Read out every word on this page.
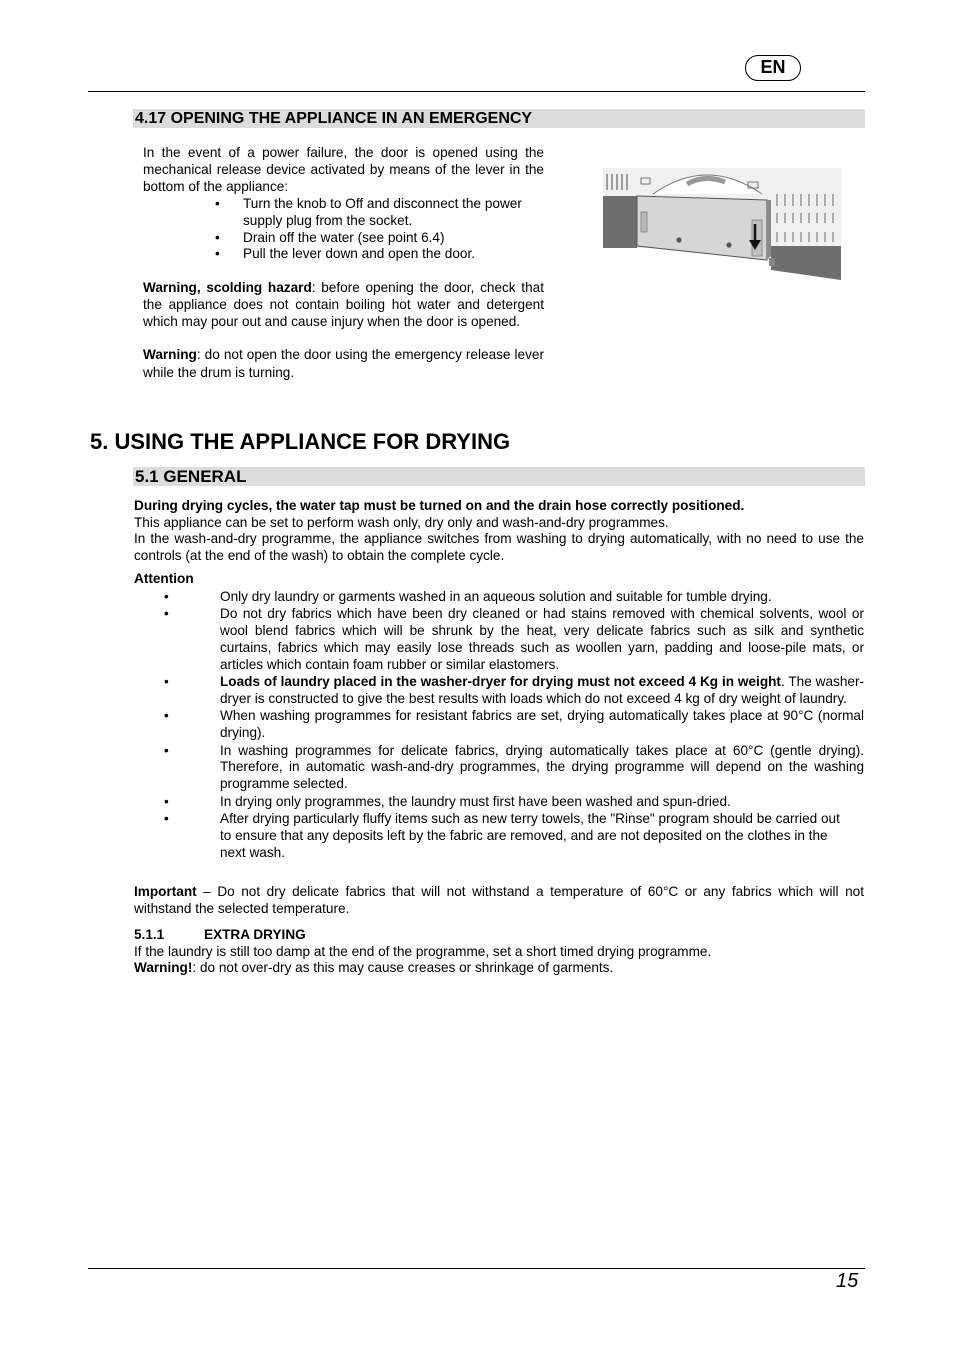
EN
4.17 OPENING THE APPLIANCE IN AN EMERGENCY

In the event of a power failure, the door is opened using the mechanical release device activated by means of the lever in the bottom of the appliance:

• Turn the knob to Off and disconnect the power supply plug from the socket.
• Drain off the water (see point 6.4)
• Pull the lever down and open the door.

Warning, scolding hazard: before opening the door, check that the appliance does not contain boiling hot water and detergent which may pour out and cause injury when the door is opened.

Warning: do not open the door using the emergency release lever while the drum is turning.

5. USING THE APPLIANCE FOR DRYING
5.1 GENERAL

During drying cycles, the water tap must be turned on and the drain hose correctly positioned.

This appliance can be set to perform wash only, dry only and wash-and-dry programmes.

In the wash-and-dry programme, the appliance switches from washing to drying automatically, with no need to use the controls (at the end of the wash) to obtain the complete cycle.

Attention

• Only dry laundry or garments washed in an aqueous solution and suitable for tumble drying.
• Do not dry fabrics which have been dry cleaned or had stains removed with chemical solvents, wool or wool blend fabrics which will be shrunk by the heat, very delicate fabrics such as silk and synthetic curtains, fabrics which may easily lose threads such as woollen yarn, padding and loose-pile mats, or articles which contain foam rubber or similar elastomers.
• Loads of laundry placed in the washer-dryer for drying must not exceed 4 Kg in weight. The washer-dryer is constructed to give the best results with loads which do not exceed 4 kg of dry weight of laundry.
• When washing programmes for resistant fabrics are set, drying automatically takes place at 90°C (normal drying).
• In washing programmes for delicate fabrics, drying automatically takes place at 60°C (gentle drying). Therefore, in automatic wash-and-dry programmes, the drying programme will depend on the washing programme selected.
• In drying only programmes, the laundry must first have been washed and spun-dried.
• After drying particularly fluffy items such as new terry towels, the "Rinse" program should be carried out to ensure that any deposits left by the fabric are removed, and are not deposited on the clothes in the next wash.

Important – Do not dry delicate fabrics that will not withstand a temperature of 60°C or any fabrics which will not withstand the selected temperature.

5.1.1	EXTRA DRYING

If the laundry is still too damp at the end of the programme, set a short timed drying programme.

Warning!: do not over-dry as this may cause creases or shrinkage of garments.

15
